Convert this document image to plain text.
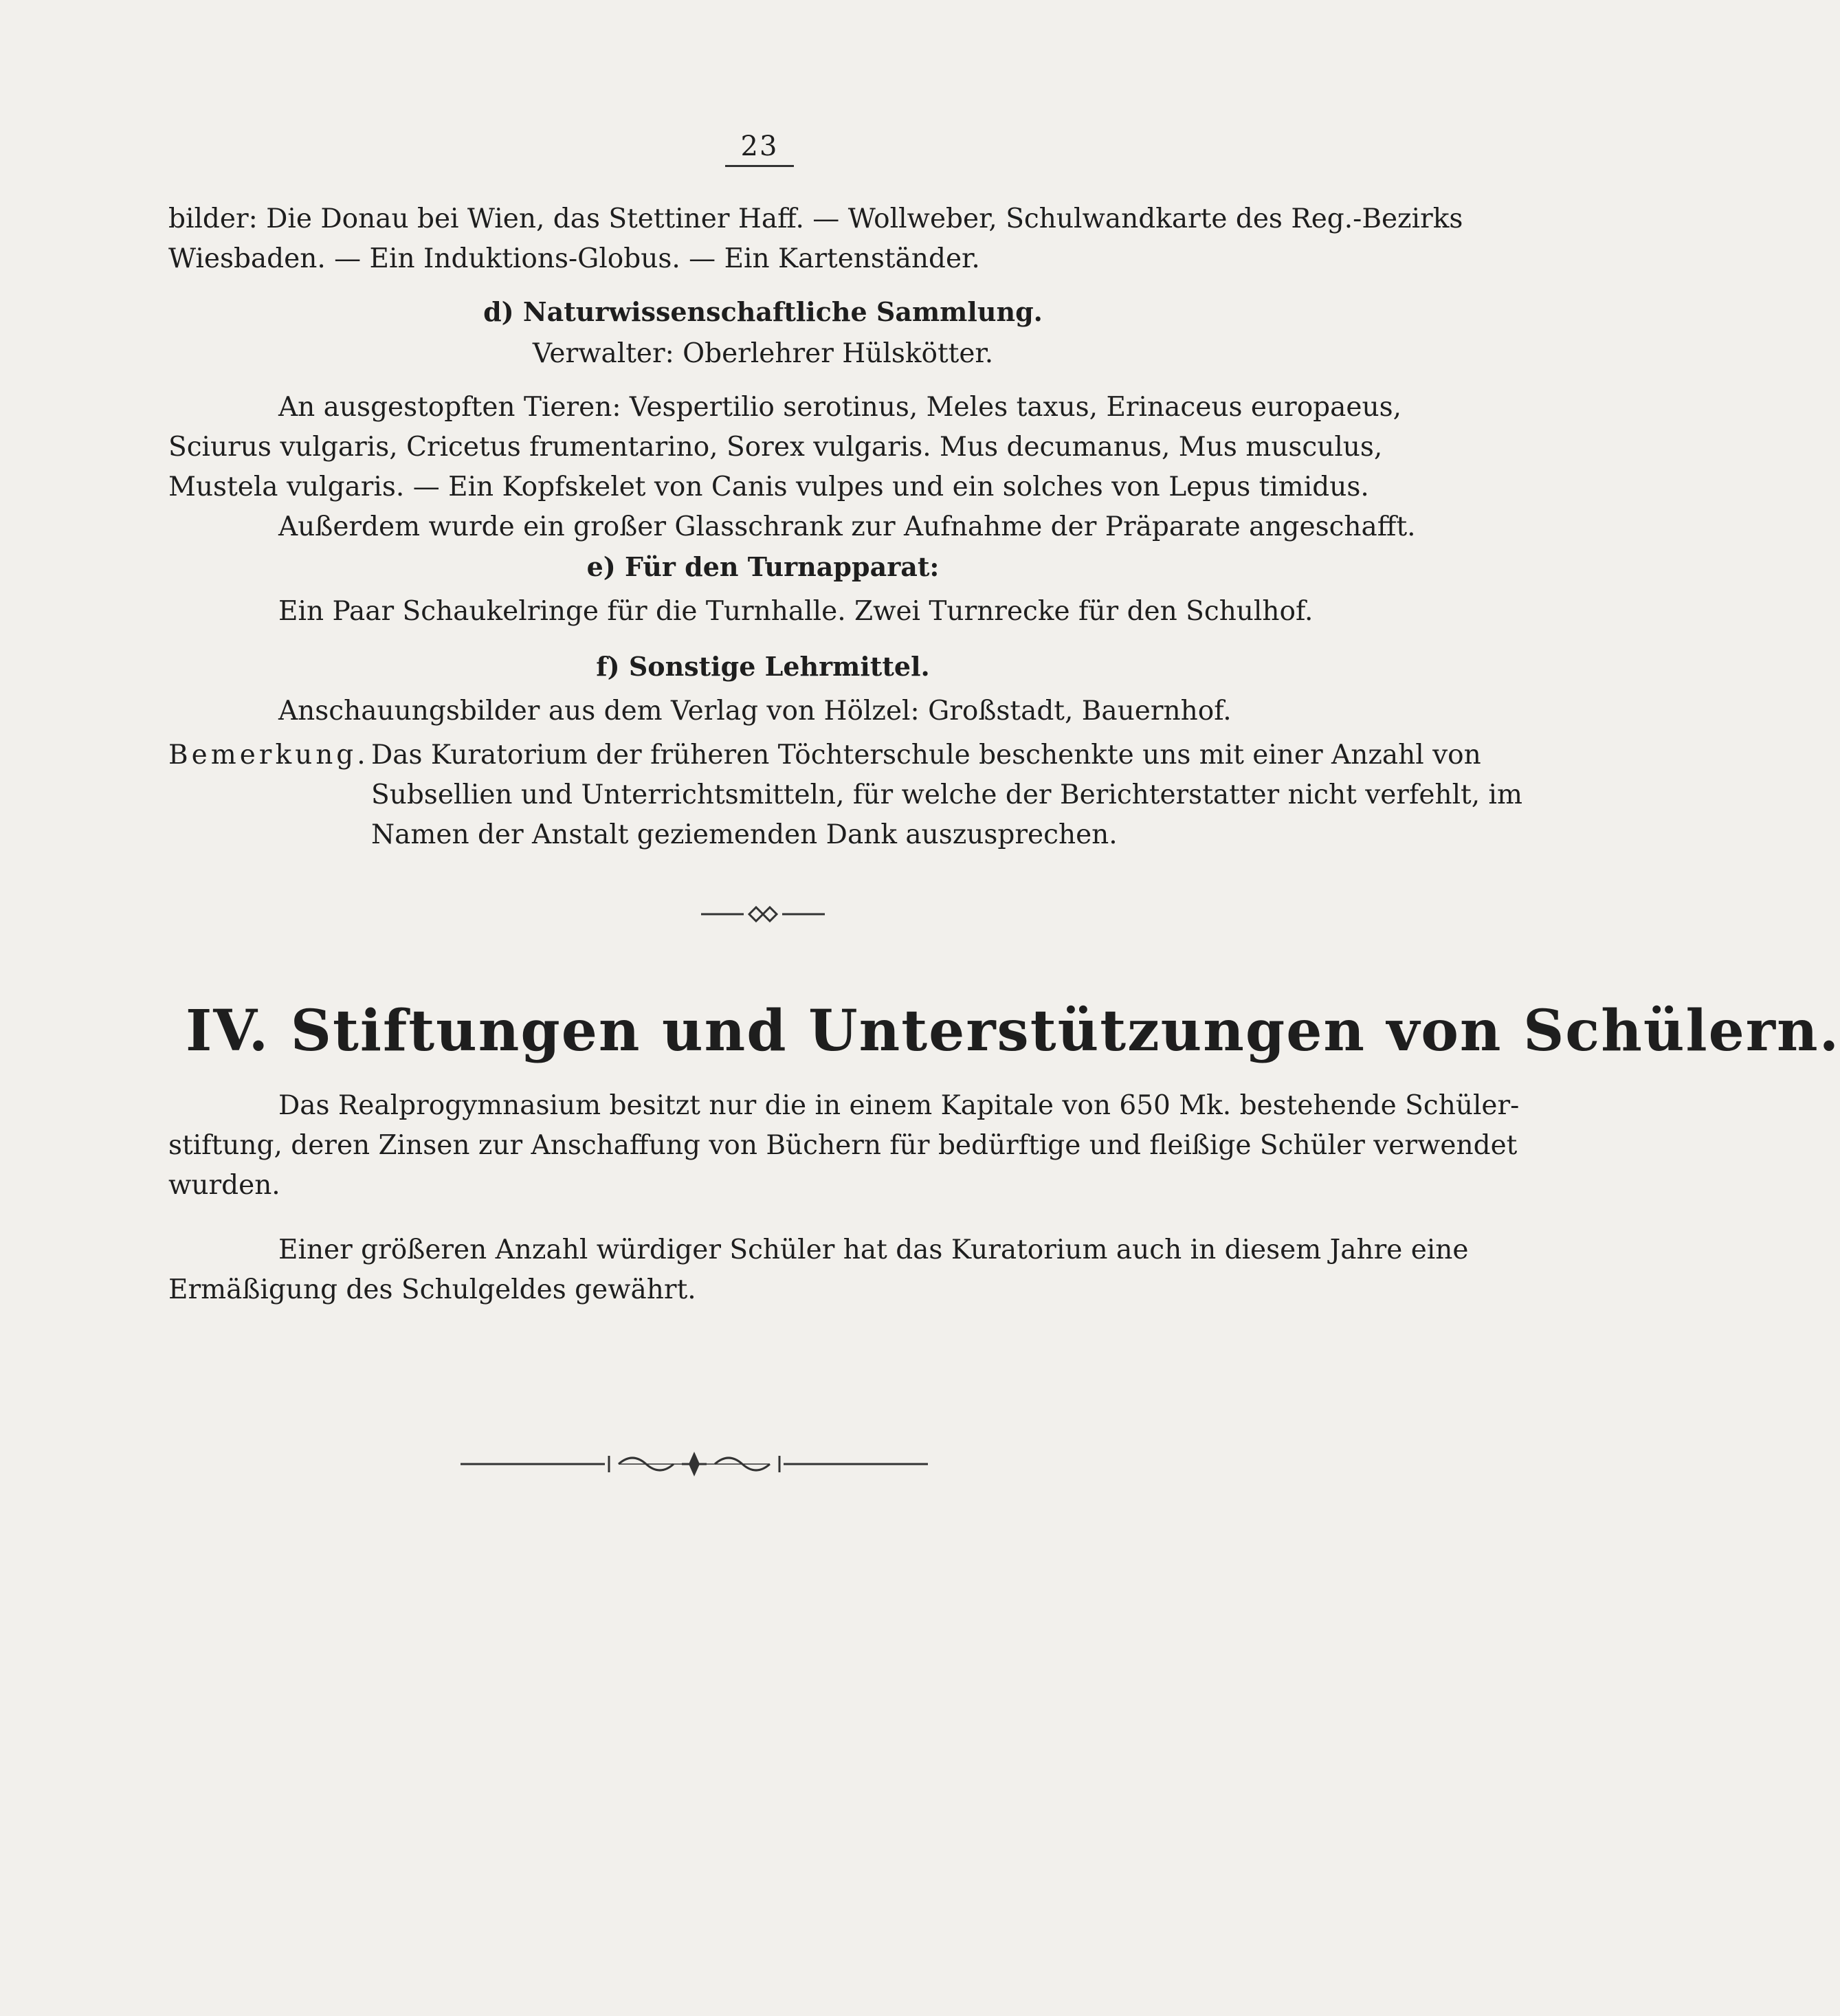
23
bilder: Die Donau bei Wien, das Stettiner Haff. — Wollweber, Schulwandkarte des Reg.-Bezirks
Wiesbaden. — Ein Induktions-Globus. — Ein Kartenständer.
d) Naturwissenschaftliche Sammlung.
Verwalter: Oberlehrer Hülskötter.
An ausgestopften Tieren: Vespertilio serotinus, Meles taxus, Erinaceus europaeus,
Sciurus vulgaris, Cricetus frumentarino, Sorex vulgaris. Mus decumanus, Mus musculus,
Mustela vulgaris. — Ein Kopfskelet von Canis vulpes und ein solches von Lepus timidus.
Außerdem wurde ein großer Glasschrank zur Aufnahme der Präparate angeschafft.
e) Für den Turnapparat:
Ein Paar Schaukelringe für die Turnhalle. Zwei Turnrecke für den Schulhof.
f) Sonstige Lehrmittel.
Anschauungsbilder aus dem Verlag von Hölzel: Großstadt, Bauernhof.
Bemerkung. Das Kuratorium der früheren Töchterschule beschenkte uns mit einer Anzahl von
Subsellien und Unterrichtsmitteln, für welche der Berichterstatter nicht verfehlt, im
Namen der Anstalt geziemenden Dank auszusprechen.
IV. Stiftungen und Unterstützungen von Schülern.
Das Realprogymnasium besitzt nur die in einem Kapitale von 650 Mk. bestehende Schüler-
stiftung, deren Zinsen zur Anschaffung von Büchern für bedürftige und fleißige Schüler verwendet
wurden.
Einer größeren Anzahl würdiger Schüler hat das Kuratorium auch in diesem Jahre eine
Ermäßigung des Schulgeldes gewährt.
